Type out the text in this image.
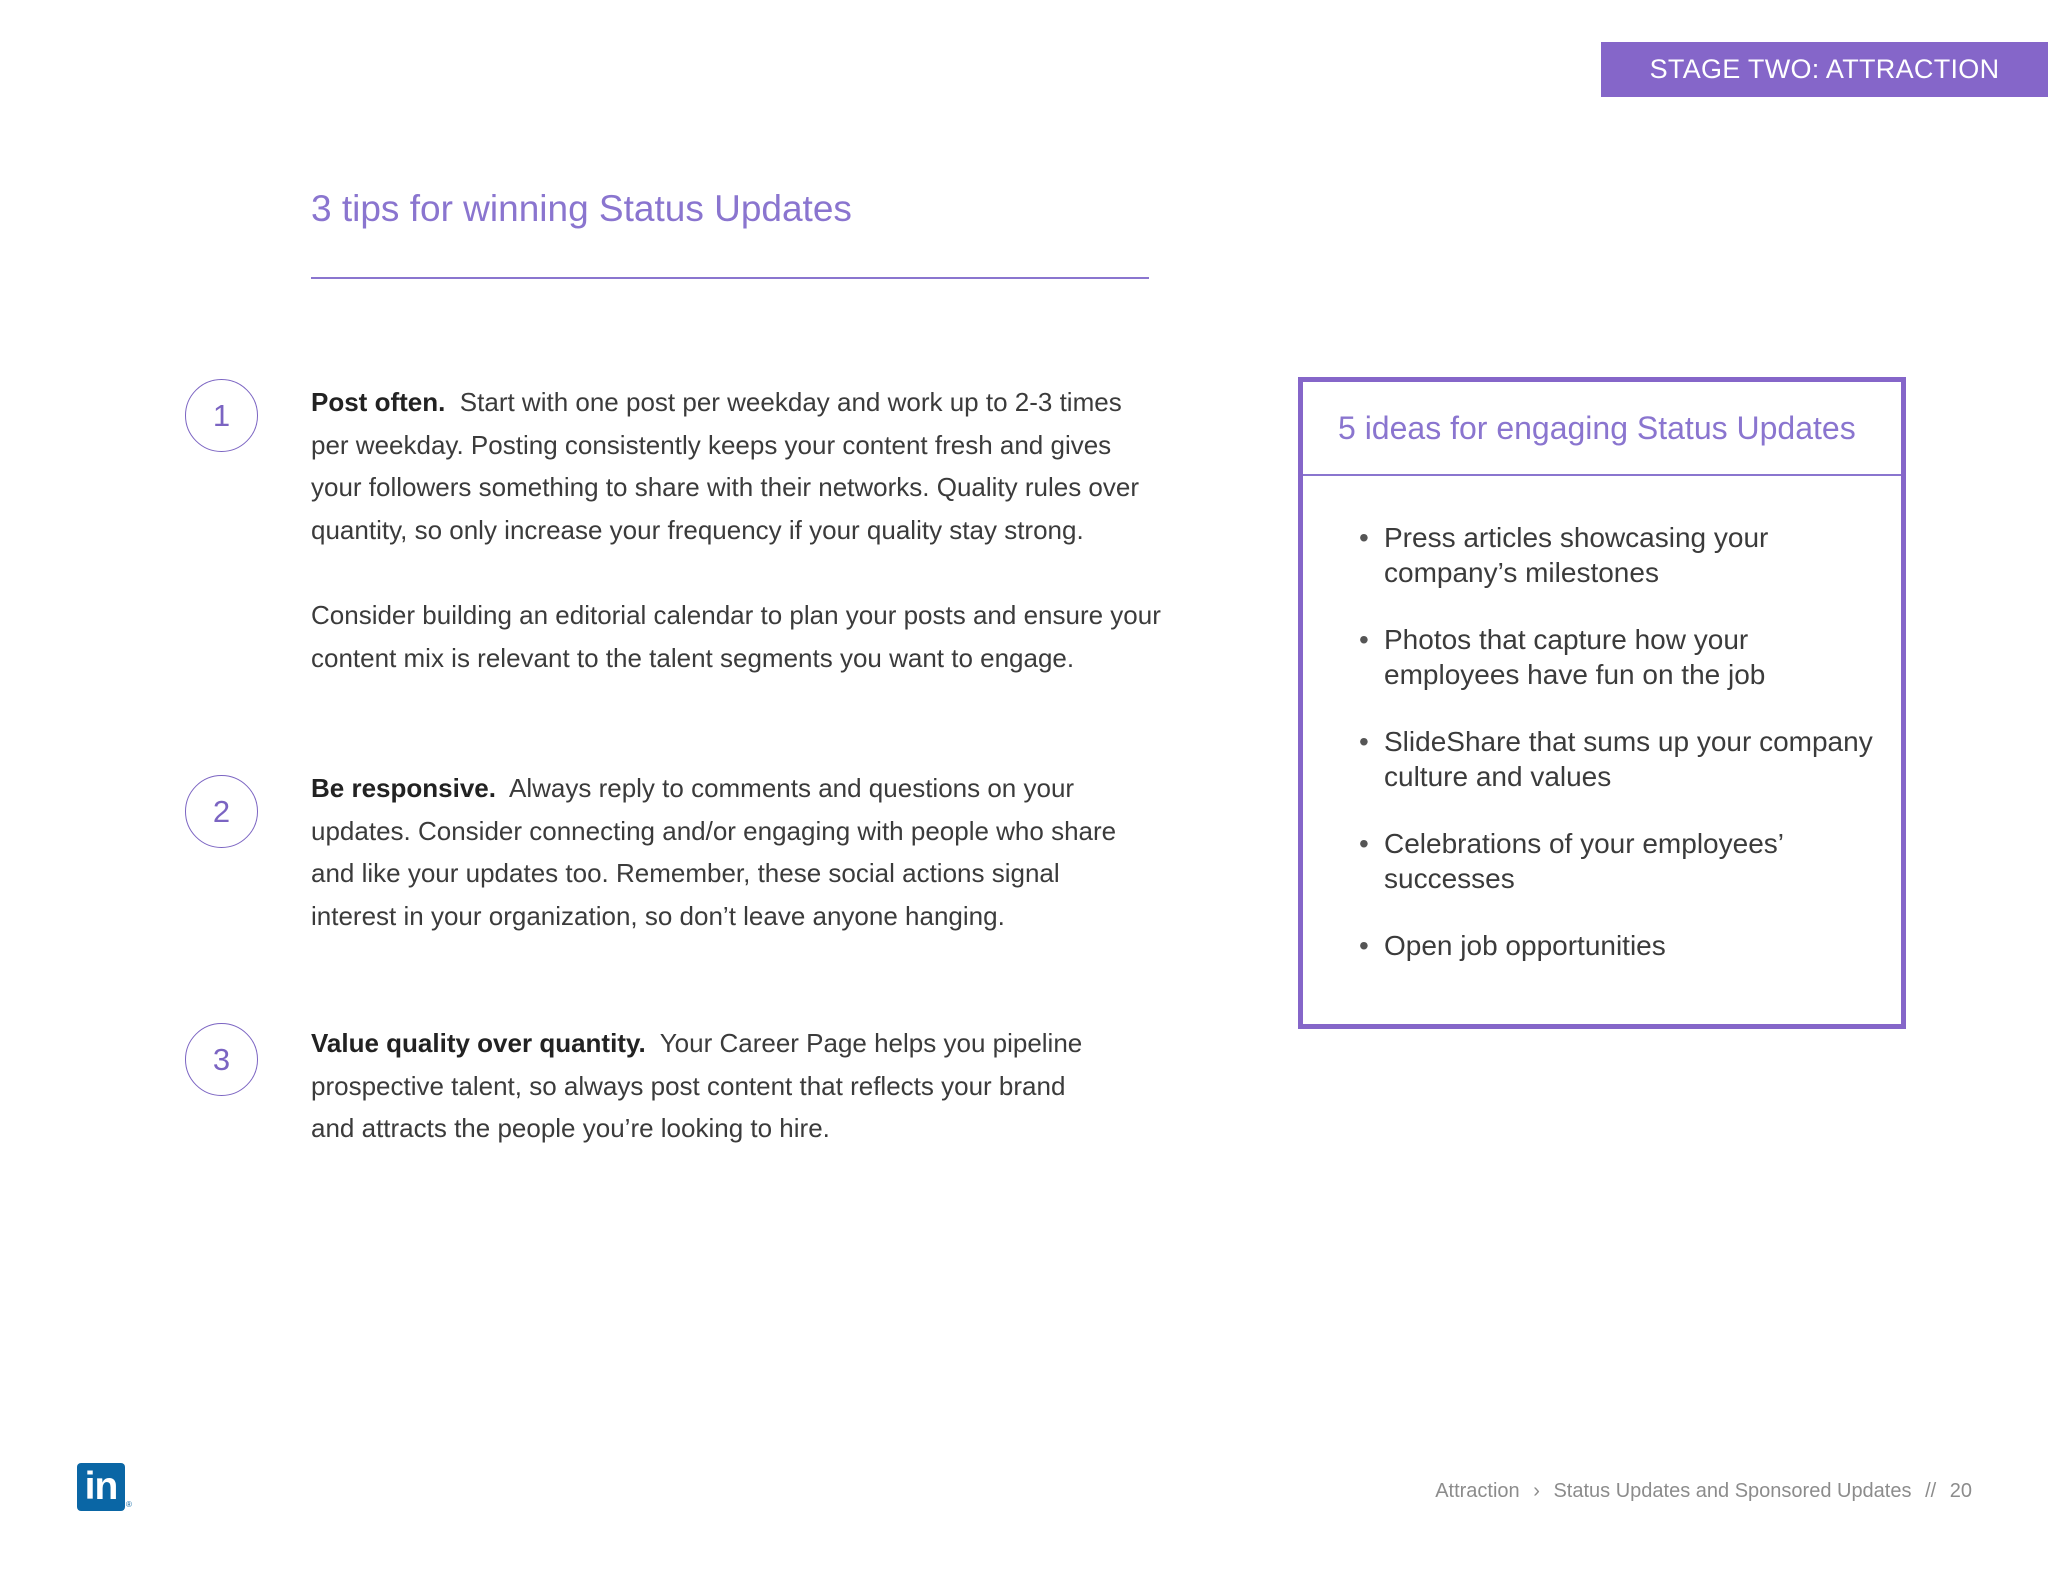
STAGE TWO: ATTRACTION
3 tips for winning Status Updates
1	Post often. Start with one post per weekday and work up to 2-3 times per weekday. Posting consistently keeps your content fresh and gives your followers something to share with their networks. Quality rules over quantity, so only increase your frequency if your quality stay strong.

Consider building an editorial calendar to plan your posts and ensure your content mix is relevant to the talent segments you want to engage.

2

Be responsive. Always reply to comments and questions on your updates. Consider connecting and/or engaging with people who share and like your updates too. Remember, these social actions signal interest in your organization, so don’t leave anyone hanging.

3	Value quality over quantity. Your Career Page helps you pipeline prospective talent, so always post content that reflects your brand and attracts the people you’re looking to hire.

5 ideas for engaging Status Updates
• Press articles showcasing your company’s milestones
• Photos that capture how your employees have fun on the job
• SlideShare that sums up your company culture and values
• Celebrations of your employees’ successes
• Open job opportunities
in	®
Attraction › Status Updates and Sponsored Updates // 20
